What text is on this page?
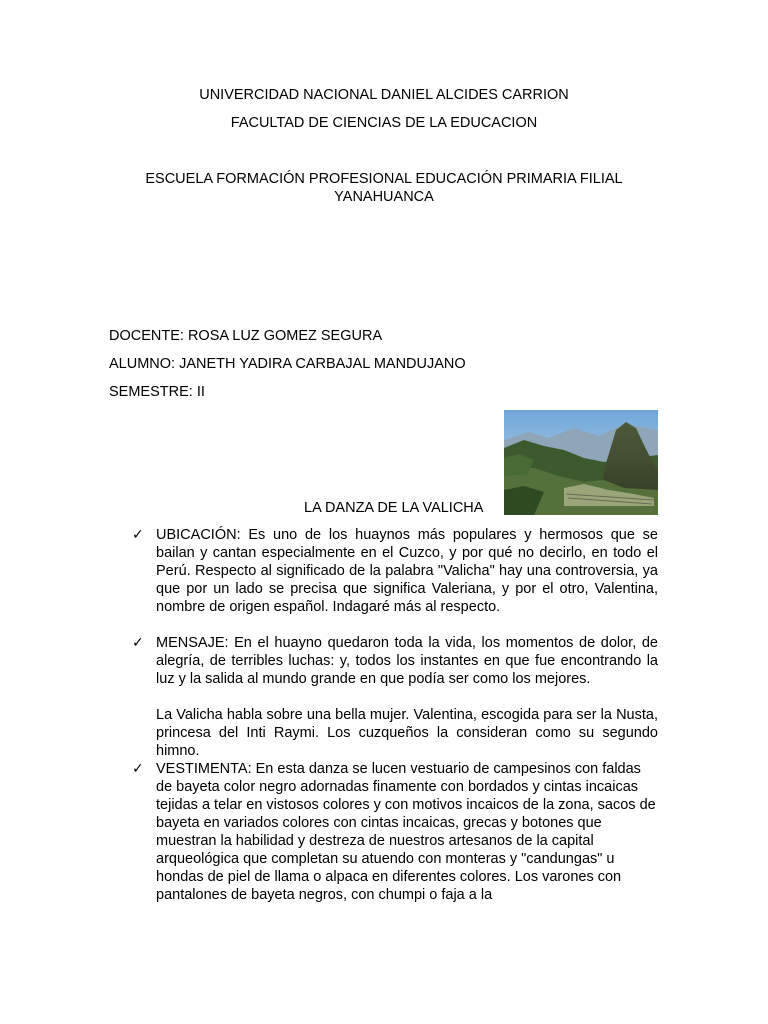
UNIVERCIDAD NACIONAL DANIEL ALCIDES CARRION
FACULTAD DE CIENCIAS DE LA EDUCACION
ESCUELA FORMACIÓN PROFESIONAL EDUCACIÓN PRIMARIA FILIAL
YANAHUANCA
DOCENTE: ROSA LUZ GOMEZ SEGURA
ALUMNO: JANETH YADIRA CARBAJAL MANDUJANO
SEMESTRE: II
LA DANZA DE LA VALICHA
✓ UBICACIÓN: Es uno de los huaynos más populares y hermosos que se bailan y cantan especialmente en el Cuzco, y por qué no decirlo, en todo el Perú. Respecto al significado de la palabra "Valicha" hay una controversia, ya que por un lado se precisa que significa Valeriana, y por el otro, Valentina, nombre de origen español. Indagaré más al respecto.

✓ MENSAJE: En el huayno quedaron toda la vida, los momentos de dolor, de alegría, de terribles luchas: y, todos los instantes en que fue encontrando la luz y la salida al mundo grande en que podía ser como los mejores.

La Valicha habla sobre una bella mujer. Valentina, escogida para ser la Nusta, princesa del Inti Raymi. Los cuzqueños la consideran como su segundo himno.

✓ VESTIMENTA: En esta danza se lucen vestuario de campesinos con faldas de bayeta color negro adornadas finamente con bordados y cintas incaicas tejidas a telar en vistosos colores y con motivos incaicos de la zona, sacos de bayeta en variados colores con cintas incaicas, grecas y botones que muestran la habilidad y destreza de nuestros artesanos de la capital arqueológica que completan su atuendo con monteras y "candungas" u hondas de piel de llama o alpaca en diferentes colores. Los varones con pantalones de bayeta negros, con chumpi o faja a la
